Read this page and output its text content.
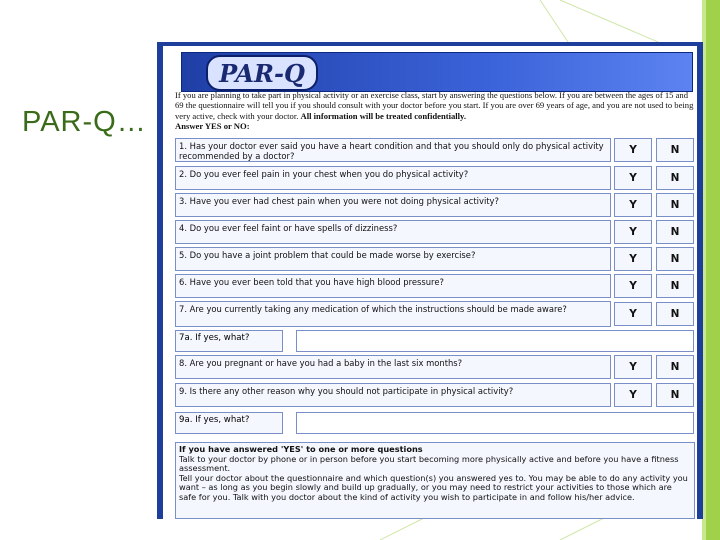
PAR-Q…
PAR-Q
If you are planning to take part in physical activity or an exercise class, start by answering the questions below. If you are between the ages of 15 and 69 the questionnaire will tell you if you should consult with your doctor before you start. If you are over 69 years of age, and you are not used to being very active, check with your doctor. All information will be treated confidentially.
Answer YES or NO:
1. Has your doctor ever said you have a heart condition and that you should only do physical activity recommended by a doctor?	Y	N
2. Do you ever feel pain in your chest when you do physical activity?	Y	N
3. Have you ever had chest pain when you were not doing physical activity?	Y	N
4. Do you ever feel faint or have spells of dizziness?	Y	N
5. Do you have a joint problem that could be made worse by exercise?	Y	N
6. Have you ever been told that you have high blood pressure?	Y	N
7. Are you currently taking any medication of which the instructions should be made aware?	Y	N
7a. If yes, what?
8. Are you pregnant or have you had a baby in the last six months?	Y	N
9. Is there any other reason why you should not participate in physical activity?	Y	N
9a. If yes, what?
If you have answered 'YES' to one or more questions
Talk to your doctor by phone or in person before you start becoming more physically active and before you have a fitness assessment.
Tell your doctor about the questionnaire and which question(s) you answered yes to. You may be able to do any activity you want – as long as you begin slowly and build up gradually, or you may need to restrict your activities to those which are safe for you. Talk with you doctor about the kind of activity you wish to participate in and follow his/her advice.
